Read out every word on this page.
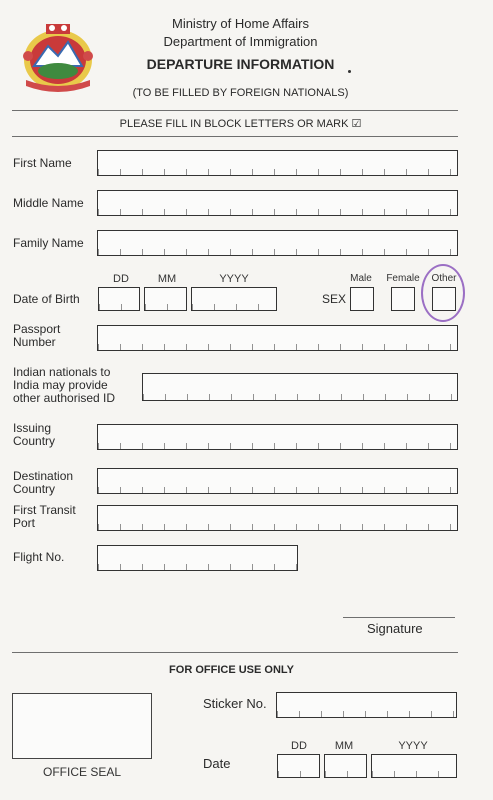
Ministry of Home Affairs
Department of Immigration
DEPARTURE INFORMATION
(TO BE FILLED BY FOREIGN NATIONALS)
PLEASE FILL IN BLOCK LETTERS OR MARK ☑
First Name
Middle Name
Family Name
DD	MM	YYYY
Date of Birth
Male	Female	Other
SEX
Passport
Number
Indian nationals to
India may provide
other authorised ID
Issuing
Country
Destination
Country
First Transit
Port
Flight No.
Signature
FOR OFFICE USE ONLY
OFFICE SEAL
Sticker No.
DD	MM	YYYY
Date
